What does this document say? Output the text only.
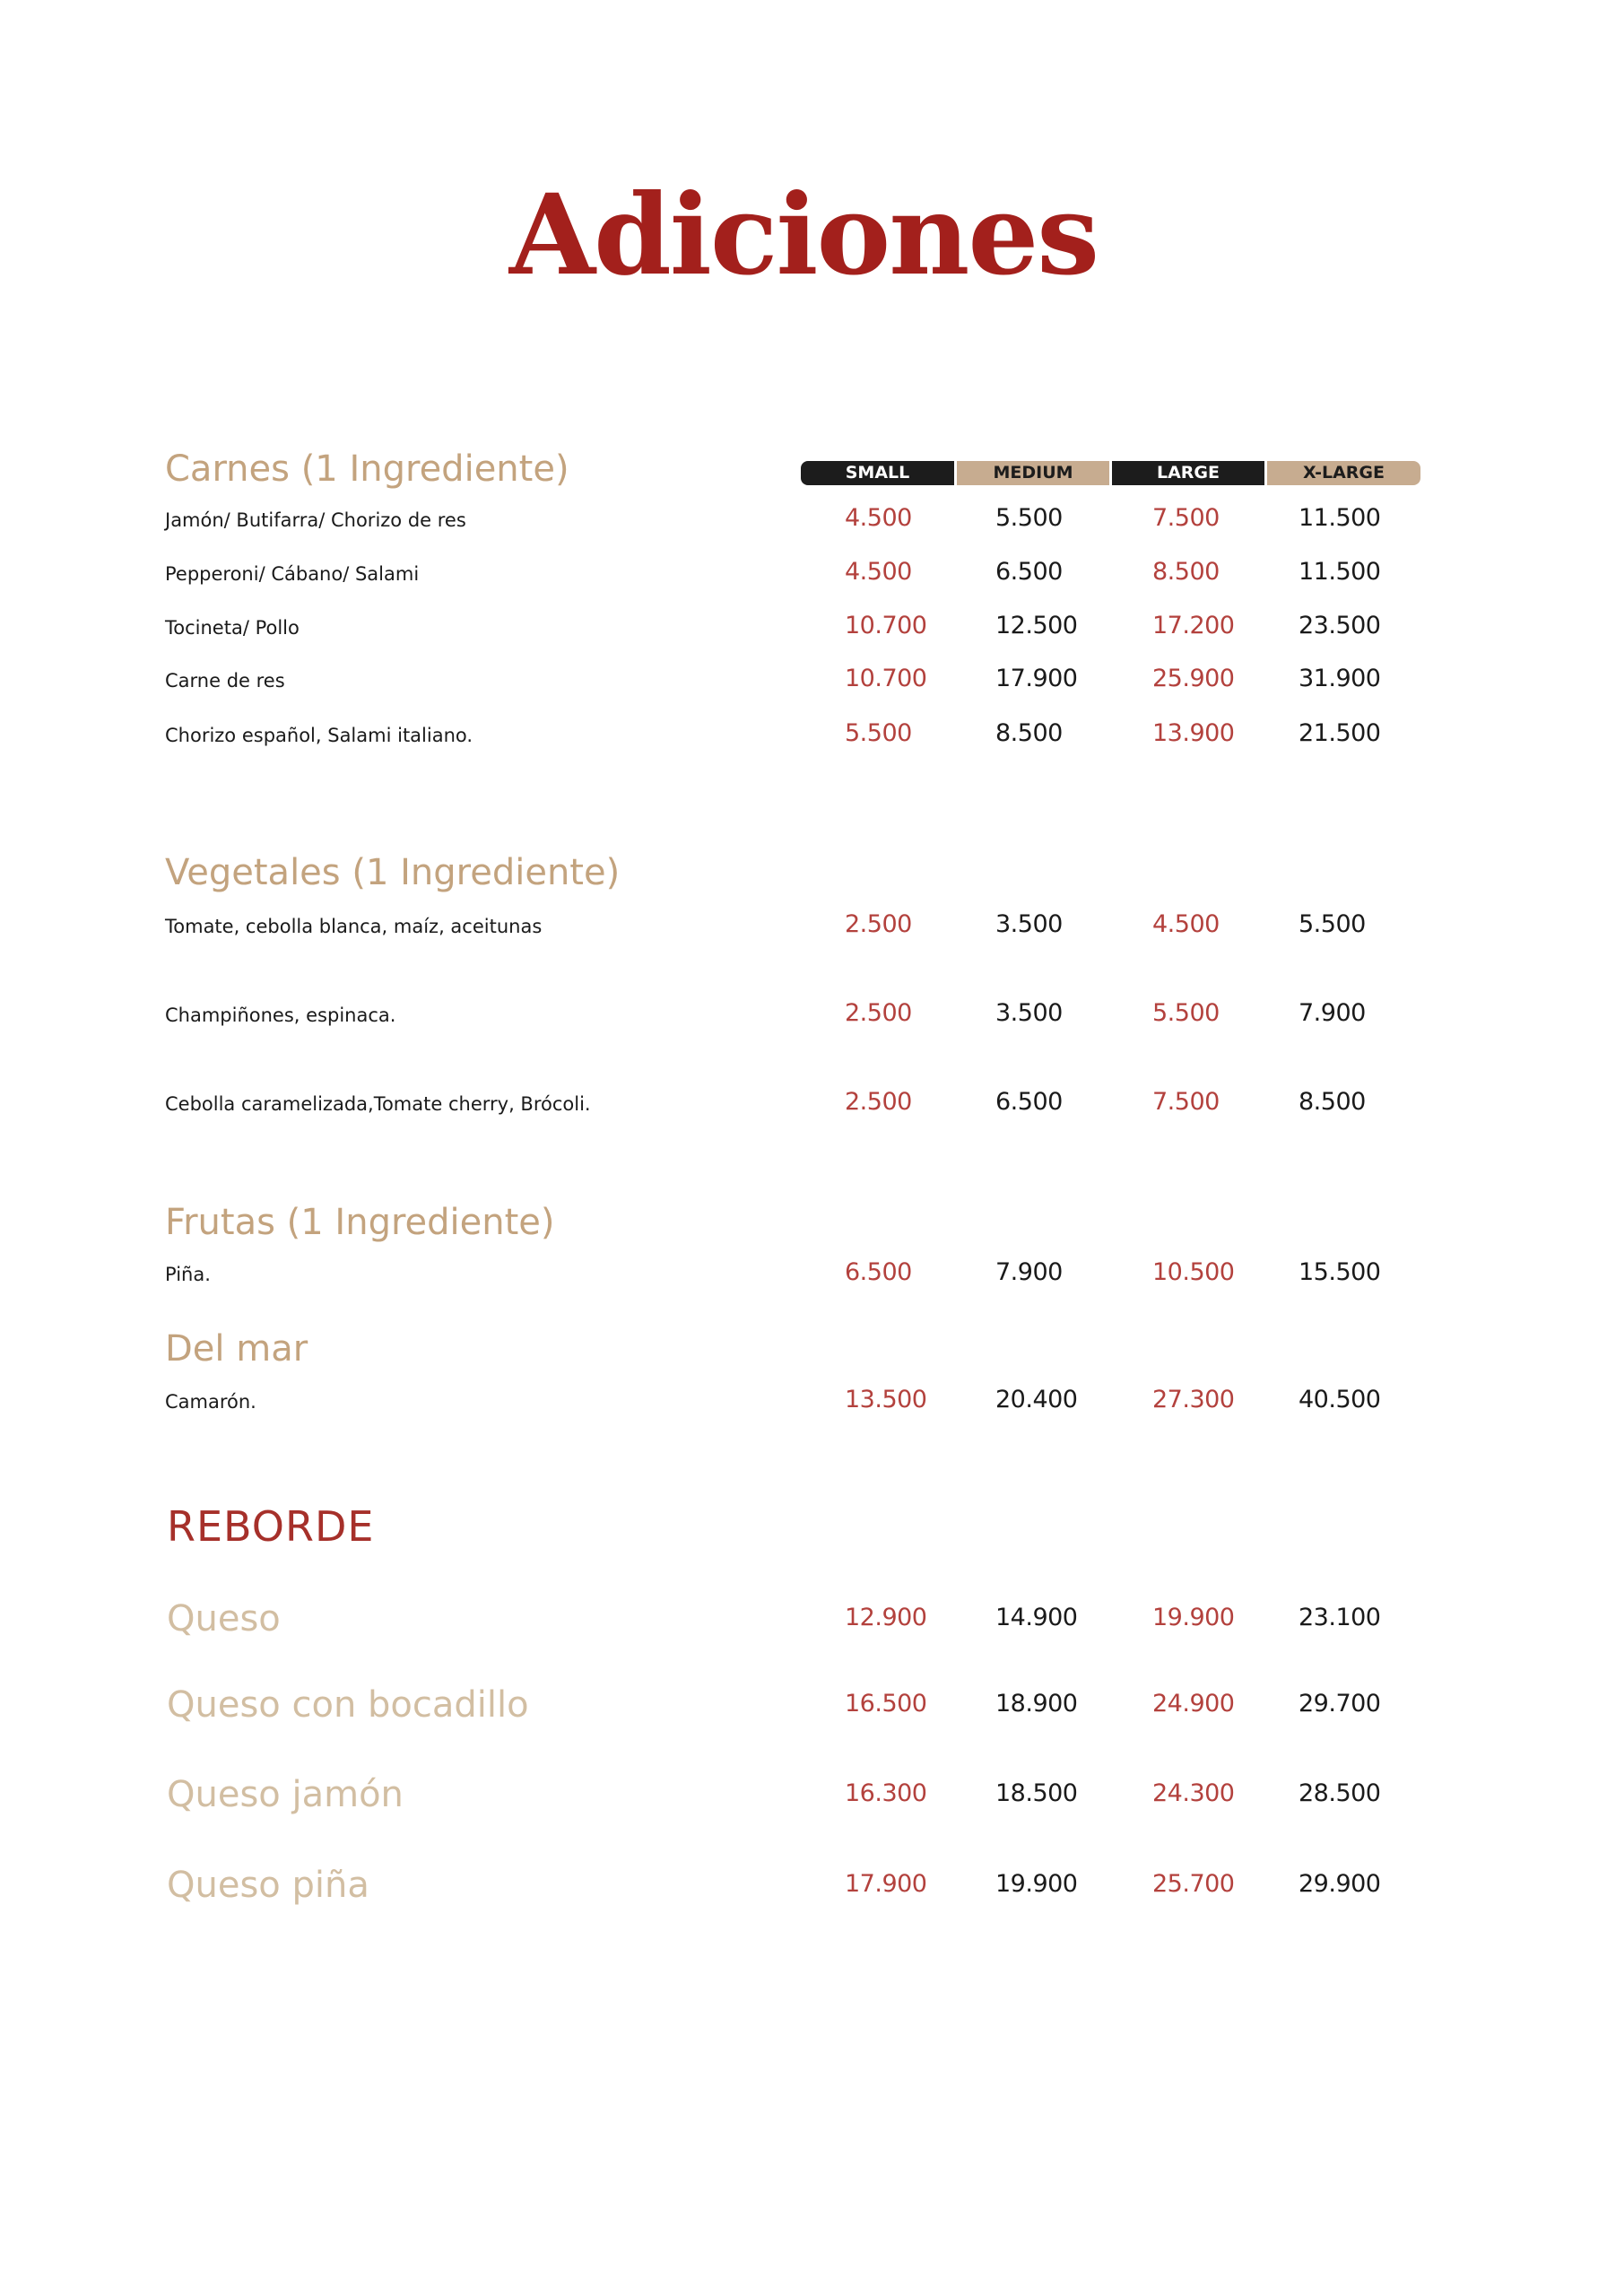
Adiciones
SMALL	MEDIUM	LARGE	X-LARGE
Carnes (1 Ingrediente)
Jamón/ Butifarra/ Chorizo de res	4.500	5.500	7.500	11.500
Pepperoni/ Cábano/ Salami	4.500	6.500	8.500	11.500
Tocineta/ Pollo	10.700	12.500	17.200	23.500
Carne de res	10.700	17.900	25.900	31.900
Chorizo español, Salami italiano.	5.500	8.500	13.900	21.500
Vegetales (1 Ingrediente)
Tomate, cebolla blanca, maíz, aceitunas	2.500	3.500	4.500	5.500
Champiñones, espinaca.	2.500	3.500	5.500	7.900
Cebolla caramelizada,Tomate cherry, Brócoli.	2.500	6.500	7.500	8.500
Frutas (1 Ingrediente)
Piña.	6.500	7.900	10.500	15.500
Del mar
Camarón.	13.500	20.400	27.300	40.500
REBORDE
Queso	12.900	14.900	19.900	23.100
Queso con bocadillo	16.500	18.900	24.900	29.700
Queso jamón	16.300	18.500	24.300	28.500
Queso piña	17.900	19.900	25.700	29.900
